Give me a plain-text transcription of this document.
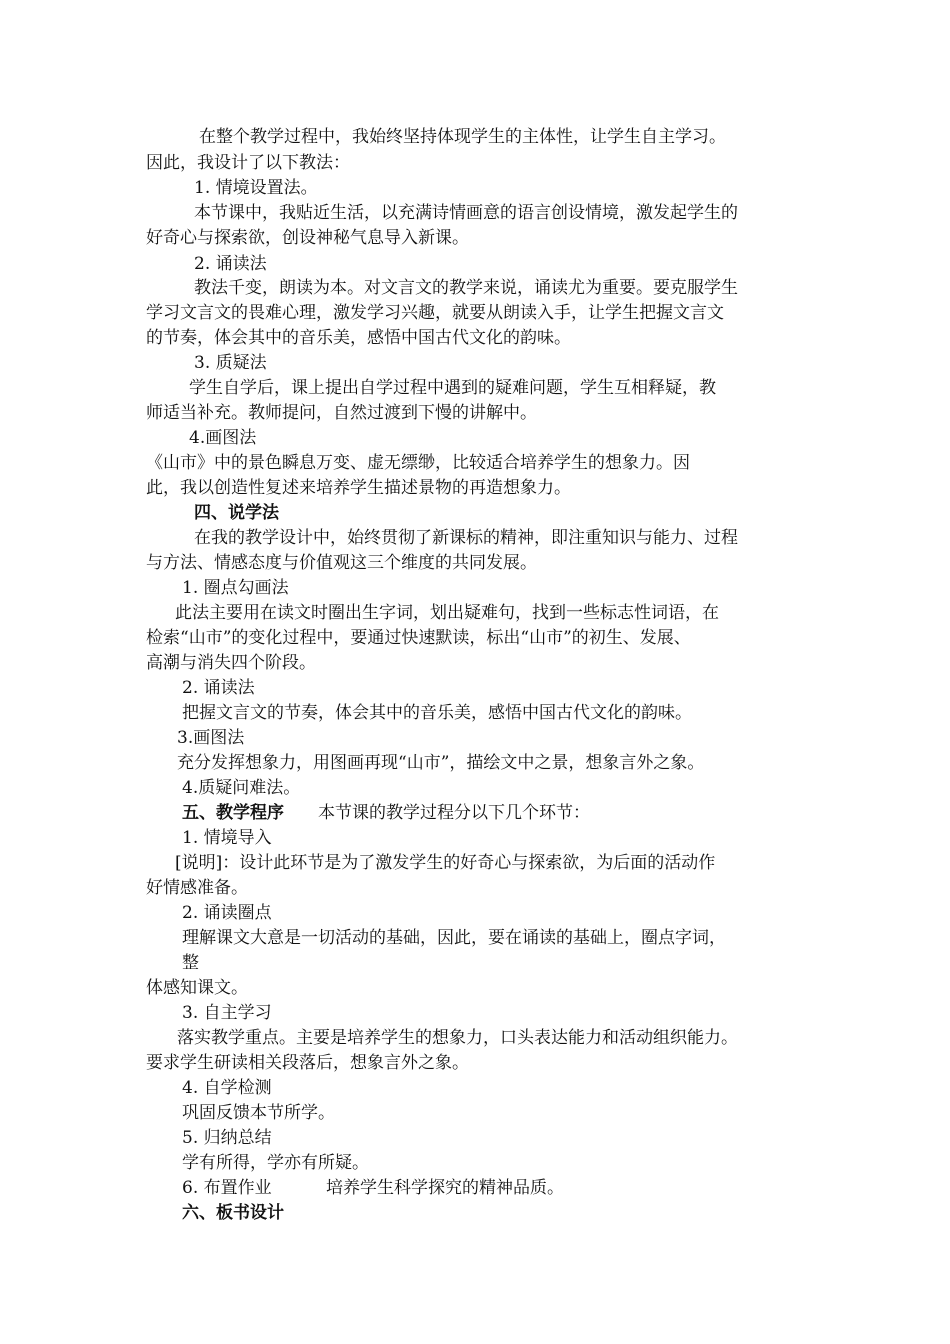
在整个教学过程中，我始终坚持体现学生的主体性，让学生自主学习。
因此，我设计了以下教法：
1. 情境设置法。
本节课中，我贴近生活，以充满诗情画意的语言创设情境，激发起学生的
好奇心与探索欲，创设神秘气息导入新课。
2. 诵读法
教法千变，朗读为本。对文言文的教学来说，诵读尤为重要。要克服学生
学习文言文的畏难心理，激发学习兴趣，就要从朗读入手，让学生把握文言文
的节奏，体会其中的音乐美，感悟中国古代文化的韵味。
3. 质疑法
学生自学后，课上提出自学过程中遇到的疑难问题，学生互相释疑，教
师适当补充。教师提问，自然过渡到下慢的讲解中。
4.画图法
《山市》中的景色瞬息万变、虚无缥缈，比较适合培养学生的想象力。因
此，我以创造性复述来培养学生描述景物的再造想象力。
四、说学法
在我的教学设计中，始终贯彻了新课标的精神，即注重知识与能力、过程
与方法、情感态度与价值观这三个维度的共同发展。
1. 圈点勾画法
此法主要用在读文时圈出生字词，划出疑难句，找到一些标志性词语，在
检索“山市”的变化过程中，要通过快速默读，标出“山市”的初生、发展、
高潮与消失四个阶段。
2. 诵读法
把握文言文的节奏，体会其中的音乐美，感悟中国古代文化的韵味。
3.画图法
充分发挥想象力，用图画再现“山市”，描绘文中之景，想象言外之象。
4.质疑问难法。
五、教学程序 本节课的教学过程分以下几个环节：
1. 情境导入
[说明]：设计此环节是为了激发学生的好奇心与探索欲，为后面的活动作
好情感准备。
2. 诵读圈点
理解课文大意是一切活动的基础，因此，要在诵读的基础上，圈点字词，
整
体感知课文。
3. 自主学习
落实教学重点。主要是培养学生的想象力，口头表达能力和活动组织能力。
要求学生研读相关段落后，想象言外之象。
4. 自学检测
巩固反馈本节所学。
5. 归纳总结
学有所得，学亦有所疑。
6. 布置作业	培养学生科学探究的精神品质。
六、板书设计
